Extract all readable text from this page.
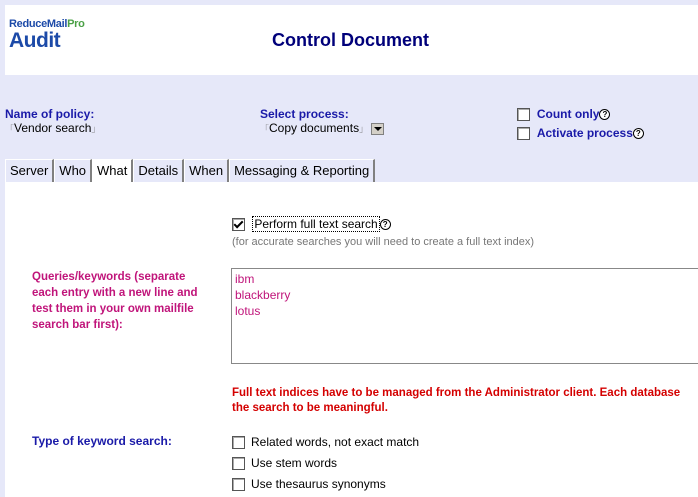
ReduceMailPro
Audit	Control Document
Name of policy:
「Vendor search」
Select process:
「Copy documents」
Count only ?
Activate process ?
Server Who What Details When Messaging & Reporting
Perform full text search ?
(for accurate searches you will need to create a full text index)
Queries/keywords (separate each entry with a new line and test them in your own mailfile search bar first):
ibm
blackberry
lotus
Full text indices have to be managed from the Administrator client. Each database
the search to be meaningful.
Type of keyword search:	Related words, not exact match
Use stem words
Use thesaurus synonyms
